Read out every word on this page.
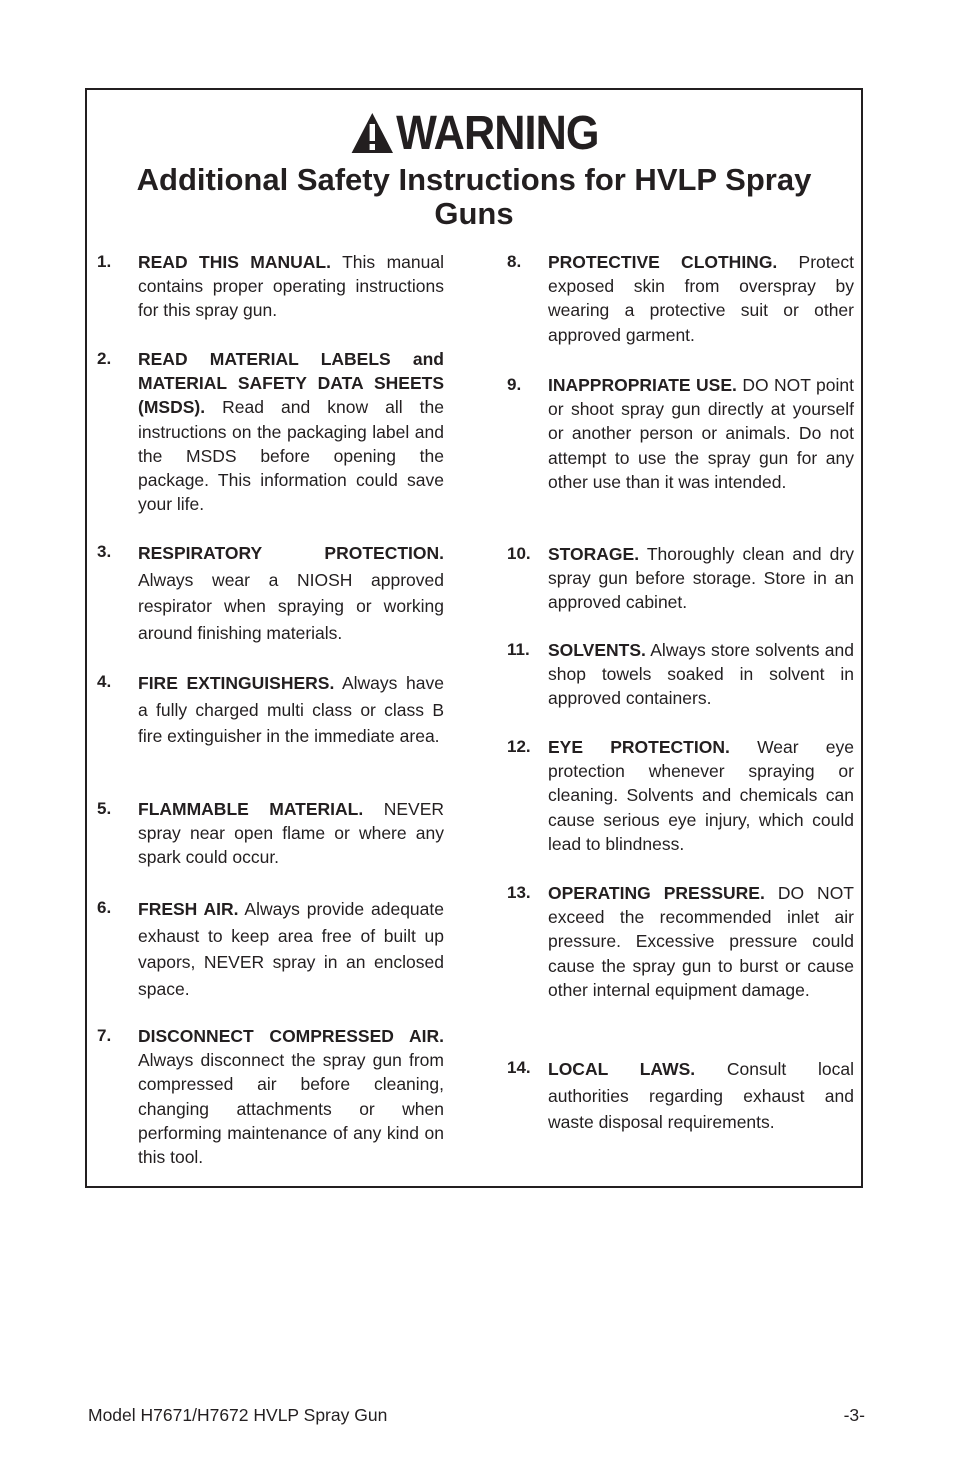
WARNING
Additional Safety Instructions for HVLP Spray Guns
1. READ THIS MANUAL. This manual contains proper operating instructions for this spray gun.
2. READ MATERIAL LABELS and MATERIAL SAFETY DATA SHEETS (MSDS). Read and know all the instructions on the packaging label and the MSDS before opening the package. This information could save your life.
3. RESPIRATORY PROTECTION. Always wear a NIOSH approved respirator when spraying or working around finishing materials.
4. FIRE EXTINGUISHERS. Always have a fully charged multi class or class B fire extinguisher in the immediate area.
5. FLAMMABLE MATERIAL. NEVER spray near open flame or where any spark could occur.
6. FRESH AIR. Always provide adequate exhaust to keep area free of built up vapors, NEVER spray in an enclosed space.
7. DISCONNECT COMPRESSED AIR. Always disconnect the spray gun from compressed air before cleaning, changing attachments or when performing maintenance of any kind on this tool.
8. PROTECTIVE CLOTHING. Protect exposed skin from overspray by wearing a protective suit or other approved garment.
9. INAPPROPRIATE USE. DO NOT point or shoot spray gun directly at yourself or another person or animals. Do not attempt to use the spray gun for any other use than it was intended.
10. STORAGE. Thoroughly clean and dry spray gun before storage. Store in an approved cabinet.
11. SOLVENTS. Always store solvents and shop towels soaked in solvent in approved containers.
12. EYE PROTECTION. Wear eye protection whenever spraying or cleaning. Solvents and chemicals can cause serious eye injury, which could lead to blindness.
13. OPERATING PRESSURE. DO NOT exceed the recommended inlet air pressure. Excessive pressure could cause the spray gun to burst or cause other internal equipment damage.
14. LOCAL LAWS. Consult local authorities regarding exhaust and waste disposal requirements.
Model H7671/H7672 HVLP Spray Gun	-3-
